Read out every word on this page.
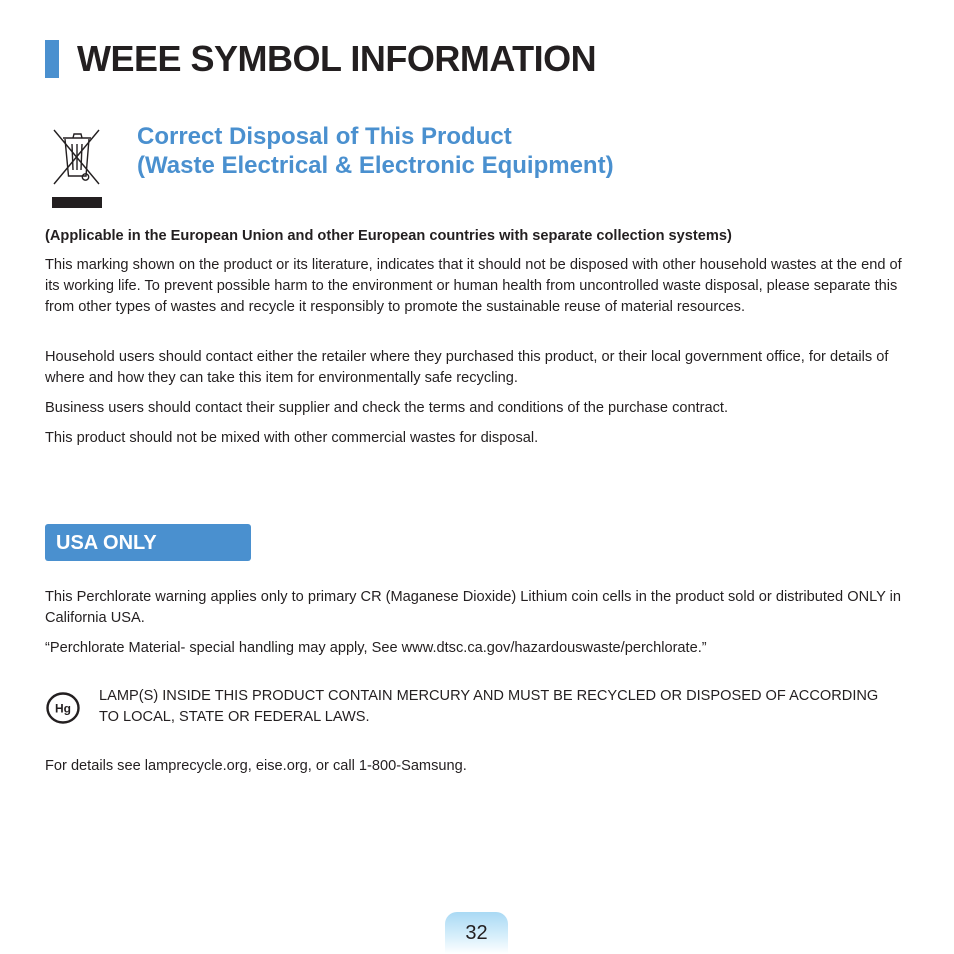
WEEE SYMBOL INFORMATION
Correct Disposal of This Product
(Waste Electrical & Electronic Equipment)

(Applicable in the European Union and other European countries with separate collection systems)

This marking shown on the product or its literature, indicates that it should not be disposed with other household wastes at the end of its working life. To prevent possible harm to the environment or human health from uncontrolled waste disposal, please separate this from other types of wastes and recycle it responsibly to promote the sustainable reuse of material resources.

Household users should contact either the retailer where they purchased this product, or their local government office, for details of where and how they can take this item for environmentally safe recycling.

Business users should contact their supplier and check the terms and conditions of the purchase contract.

This product should not be mixed with other commercial wastes for disposal.

USA ONLY

This Perchlorate warning applies only to primary CR (Maganese Dioxide) Lithium coin cells in the product sold or distributed ONLY in California USA.

“Perchlorate Material- special handling may apply, See www.dtsc.ca.gov/hazardouswaste/perchlorate.”

Hg

LAMP(S) INSIDE THIS PRODUCT CONTAIN MERCURY AND MUST BE RECYCLED OR DISPOSED OF ACCORDING TO LOCAL, STATE OR FEDERAL LAWS.

For details see lamprecycle.org, eise.org, or call 1-800-Samsung.

32
